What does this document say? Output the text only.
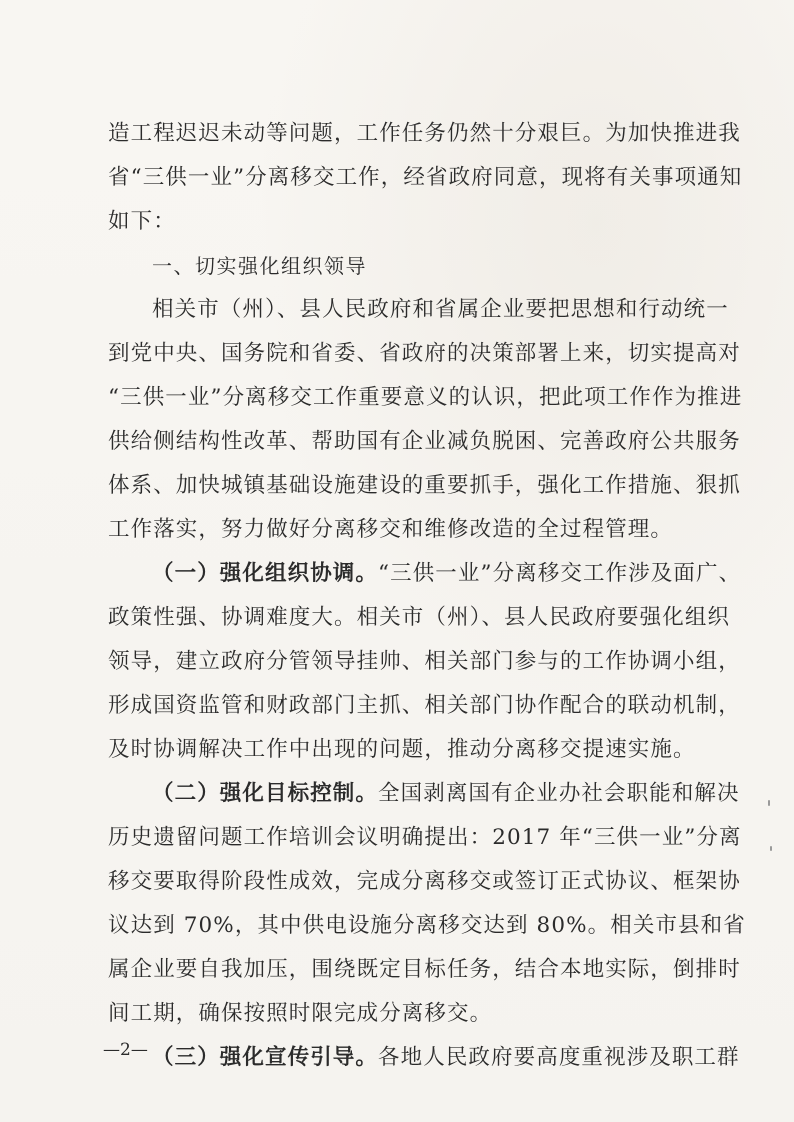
造工程迟迟未动等问题，工作任务仍然十分艰巨。为加快推进我
省“三供一业”分离移交工作，经省政府同意，现将有关事项通知
如下：
一、切实强化组织领导
相关市（州）、县人民政府和省属企业要把思想和行动统一
到党中央、国务院和省委、省政府的决策部署上来，切实提高对
“三供一业”分离移交工作重要意义的认识，把此项工作作为推进
供给侧结构性改革、帮助国有企业减负脱困、完善政府公共服务
体系、加快城镇基础设施建设的重要抓手，强化工作措施、狠抓
工作落实，努力做好分离移交和维修改造的全过程管理。
（一）强化组织协调。“三供一业”分离移交工作涉及面广、
政策性强、协调难度大。相关市（州）、县人民政府要强化组织
领导，建立政府分管领导挂帅、相关部门参与的工作协调小组，
形成国资监管和财政部门主抓、相关部门协作配合的联动机制，
及时协调解决工作中出现的问题，推动分离移交提速实施。
（二）强化目标控制。全国剥离国有企业办社会职能和解决
历史遗留问题工作培训会议明确提出：2017 年“三供一业”分离
移交要取得阶段性成效，完成分离移交或签订正式协议、框架协
议达到 70%，其中供电设施分离移交达到 80%。相关市县和省
属企业要自我加压，围绕既定目标任务，结合本地实际，倒排时
间工期，确保按照时限完成分离移交。
（三）强化宣传引导。各地人民政府要高度重视涉及职工群
—2—
